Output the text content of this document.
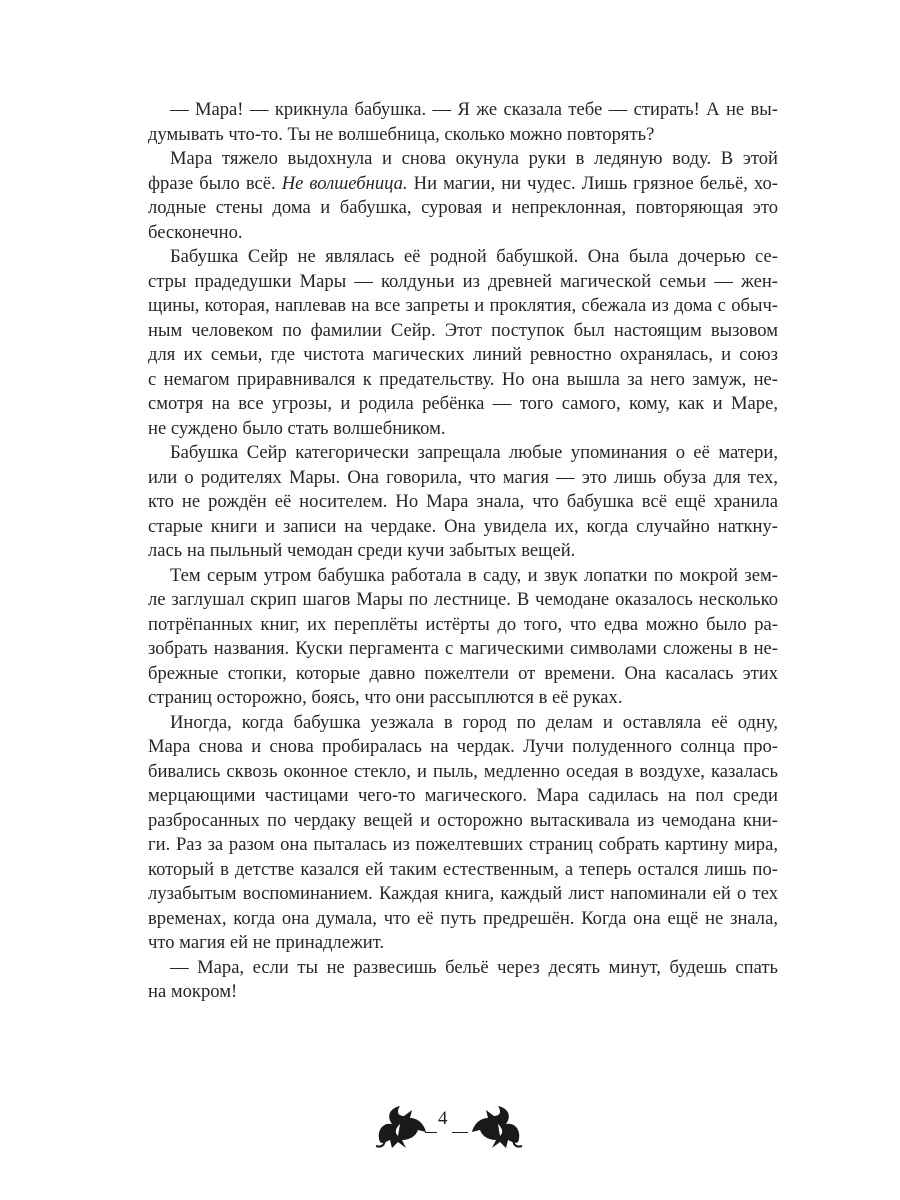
— Мара! — крикнула бабушка. — Я же сказала тебе — стирать! А не вы-
думывать что-то. Ты не волшебница, сколько можно повторять?
Мара тяжело выдохнула и снова окунула руки в ледяную воду. В этой
фразе было всё. Не волшебница. Ни магии, ни чудес. Лишь грязное бельё, хо-
лодные стены дома и бабушка, суровая и непреклонная, повторяющая это
бесконечно.
Бабушка Сейр не являлась её родной бабушкой. Она была дочерью се-
стры прадедушки Мары — колдуньи из древней магической семьи — жен-
щины, которая, наплевав на все запреты и проклятия, сбежала из дома с обыч-
ным человеком по фамилии Сейр. Этот поступок был настоящим вызовом
для их семьи, где чистота магических линий ревностно охранялась, и союз
с немагом приравнивался к предательству. Но она вышла за него замуж, не-
смотря на все угрозы, и родила ребёнка — того самого, кому, как и Маре,
не суждено было стать волшебником.
Бабушка Сейр категорически запрещала любые упоминания о её матери,
или о родителях Мары. Она говорила, что магия — это лишь обуза для тех,
кто не рождён её носителем. Но Мара знала, что бабушка всё ещё хранила
старые книги и записи на чердаке. Она увидела их, когда случайно наткну-
лась на пыльный чемодан среди кучи забытых вещей.
Тем серым утром бабушка работала в саду, и звук лопатки по мокрой зем-
ле заглушал скрип шагов Мары по лестнице. В чемодане оказалось несколько
потрёпанных книг, их переплёты истёрты до того, что едва можно было ра-
зобрать названия. Куски пергамента с магическими символами сложены в не-
брежные стопки, которые давно пожелтели от времени. Она касалась этих
страниц осторожно, боясь, что они рассыплются в её руках.
Иногда, когда бабушка уезжала в город по делам и оставляла её одну,
Мара снова и снова пробиралась на чердак. Лучи полуденного солнца про-
бивались сквозь оконное стекло, и пыль, медленно оседая в воздухе, казалась
мерцающими частицами чего-то магического. Мара садилась на пол среди
разбросанных по чердаку вещей и осторожно вытаскивала из чемодана кни-
ги. Раз за разом она пыталась из пожелтевших страниц собрать картину мира,
который в детстве казался ей таким естественным, а теперь остался лишь по-
лузабытым воспоминанием. Каждая книга, каждый лист напоминали ей о тех
временах, когда она думала, что её путь предрешён. Когда она ещё не знала,
что магия ей не принадлежит.
— Мара, если ты не развесишь бельё через десять минут, будешь спать
на мокром!
4
